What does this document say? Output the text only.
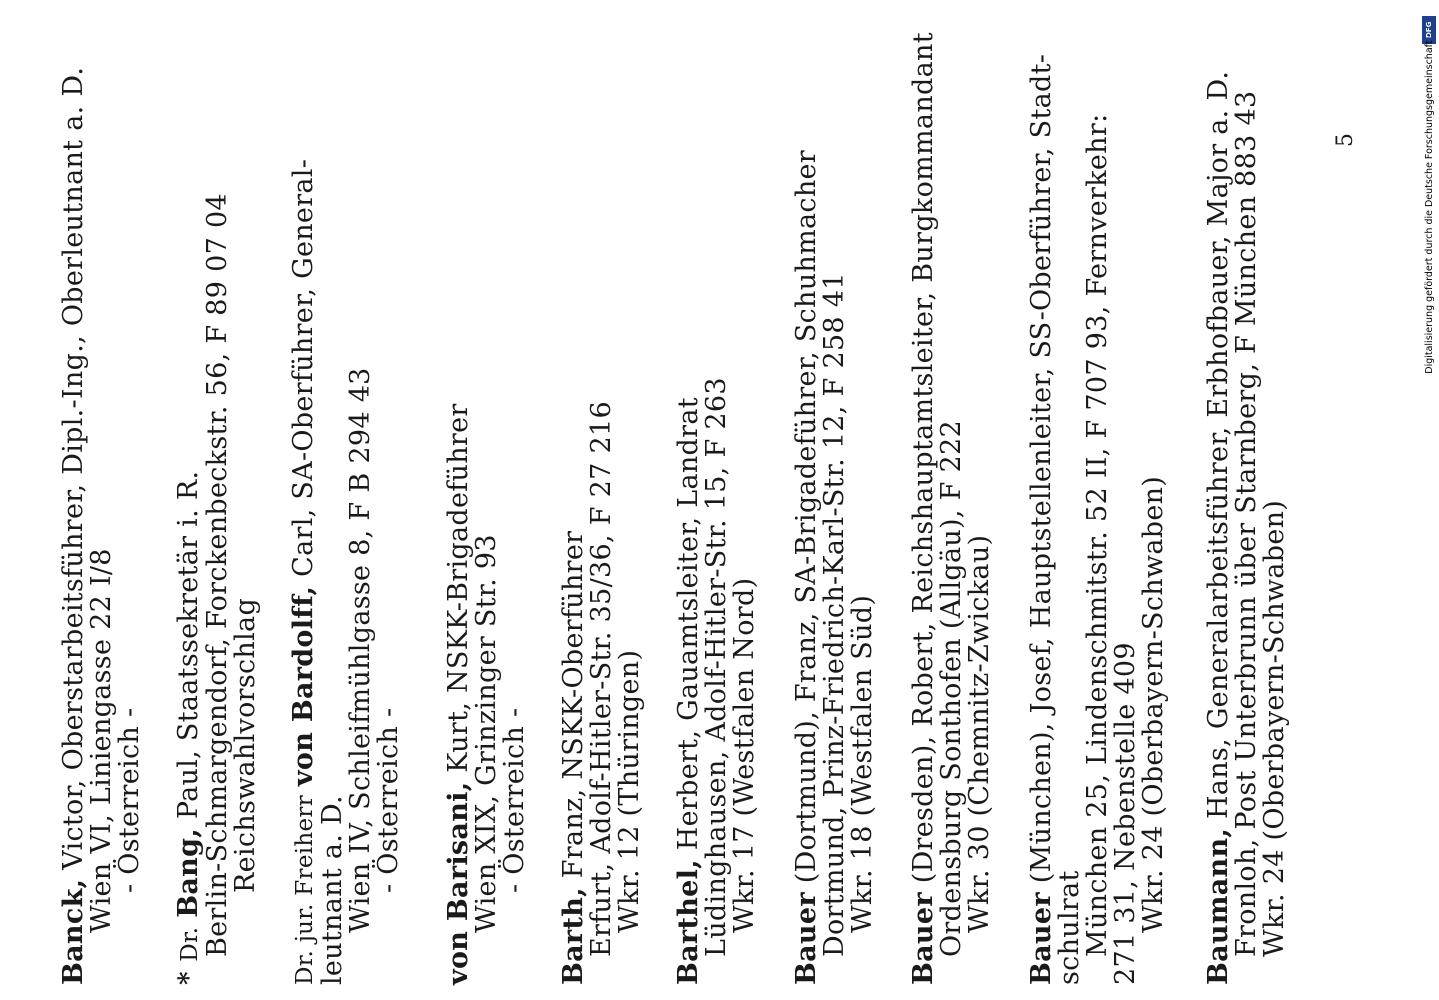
Banck, Victor, Oberstarbeitsführer, Dipl.-Ing., Oberleutnant a. D.
Wien VI, Liniengasse 22 I/8
- Österreich -
* Dr. Bang, Paul, Staatssekretär i. R.
Berlin-Schmargendorf, Forckenbeckstr. 56, F 89 07 04
Reichswahlvorschlag Dr. jur. Freiherr von Bardolff, Carl, SA-Oberführer, General-
leutnant a. D.
Wien IV, Schleifmühlgasse 8, F B 294 43
- Österreich - von Barisani, Kurt, NSKK-Brigadeführer
Wien XIX, Grinzinger Str. 93
- Österreich -
Barth, Franz, NSKK-Oberführer
Erfurt, Adolf-Hitler-Str. 35/36, F 27 216
Wkr. 12 (Thüringen) Barthel, Herbert, Gauamtsleiter, Landrat
Lüdinghausen, Adolf-Hitler-Str. 15, F 263
Wkr. 17 (Westfalen Nord)
Bauer (Dortmund), Franz, SA-Brigadeführer, Schuhmacher
Dortmund, Prinz-Friedrich-Karl-Str. 12, F 258 41
Wkr. 18 (Westfalen Süd)
Bauer (Dresden), Robert, Reichshauptamtsleiter, Burgkommandant
Ordensburg Sonthofen (Allgäu), F 222
Wkr. 30 (Chemnitz-Zwickau)
Bauer (München), Josef, Hauptstellenleiter, SS-Oberführer, Stadt-
schulrat
München 25, Lindenschmitstr. 52 II, F 707 93, Fernverkehr:
271 31, Nebenstelle 409
Wkr. 24 (Oberbayern-Schwaben) Baumann, Hans, Generalarbeitsführer, Erbhofbauer, Major a. D.
Fronloh, Post Unterbrunn über Starnberg, F München 883 43
Wkr. 24 (Oberbayern-Schwaben)
5
DFG
Digitalisierung gefördert durch die Deutsche Forschungsgemeinschaft -
